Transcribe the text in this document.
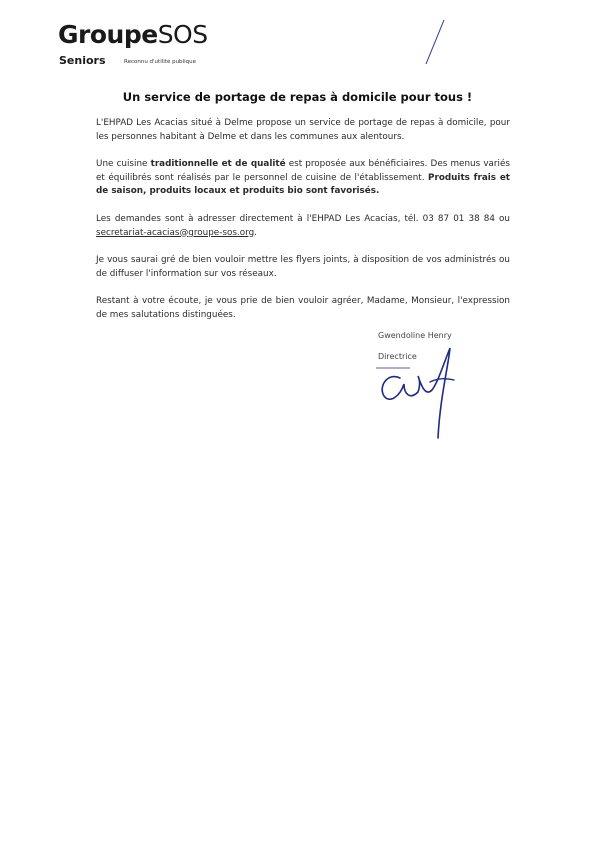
GroupeSOS
Seniors	Reconnu d'utilité publique
Un service de portage de repas à domicile pour tous !

L'EHPAD Les Acacias situé à Delme propose un service de portage de repas à domicile, pour les personnes habitant à Delme et dans les communes aux alentours.

Une cuisine traditionnelle et de qualité est proposée aux bénéficiaires. Des menus variés et équilibrés sont réalisés par le personnel de cuisine de l'établissement. Produits frais et de saison, produits locaux et produits bio sont favorisés.

Les demandes sont à adresser directement à l'EHPAD Les Acacias, tél. 03 87 01 38 84 ou secretariat-acacias@groupe-sos.org.

Je vous saurai gré de bien vouloir mettre les flyers joints, à disposition de vos administrés ou de diffuser l'information sur vos réseaux.

Restant à votre écoute, je vous prie de bien vouloir agréer, Madame, Monsieur, l'expression de mes salutations distinguées.

Gwendoline Henry
Directrice
